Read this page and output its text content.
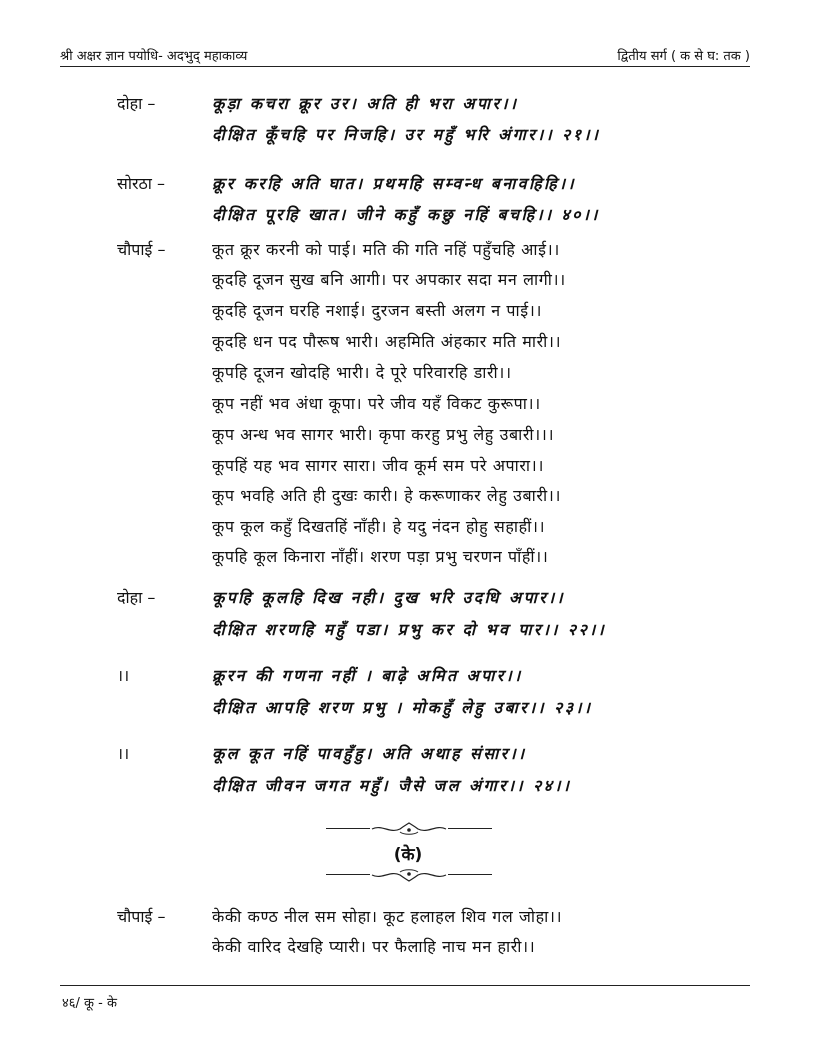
श्री अक्षर ज्ञान पयोधि- अदभुद् महाकाव्य	द्वितीय सर्ग ( क से घ: तक )
दोहा –	कूड़ा कचरा क्रूर उर। अति ही भरा अपार।।
दीक्षित कूँचहि पर निजहि। उर महुँ भरि अंगार।। २१।।
सोरठा –	क्रूर करहि अति घात। प्रथमहि सम्वन्ध बनावहिहि।।
दीक्षित पूरहि खात। जीने कहुँ कछु नहिं बचहि।। ४०।।
चौपाई –	कूत क्रूर करनी को पाई। मति की गति नहिं पहुँचहि आई।।
कूदहि दूजन सुख बनि आगी। पर अपकार सदा मन लागी।।
कूदहि दूजन घरहि नशाई। दुरजन बस्ती अलग न पाई।।
कूदहि धन पद पौरूष भारी। अहमिति अंहकार मति मारी।।
कूपहि दूजन खोदहि भारी। दे पूरे परिवारहि डारी।।
कूप नहीं भव अंधा कूपा। परे जीव यहँ विकट कुरूपा।।
कूप अन्ध भव सागर भारी। कृपा करहु प्रभु लेहु उबारी।।।
कूपहिं यह भव सागर सारा। जीव कूर्म सम परे अपारा।।
कूप भवहि अति ही दुखः कारी। हे करूणाकर लेहु उबारी।।
कूप कूल कहुँ दिखतहिं नाँही। हे यदु नंदन होहु सहाहीं।।
कूपहि कूल किनारा नाँहीं। शरण पड़ा प्रभु चरणन पाँहीं।।
दोहा –	कूपहि कूलहि दिख नही। दुख भरि उदधि अपार।।
दीक्षित शरणहि महुँ पडा। प्रभु कर दो भव पार।। २२।।
।।	क्रूरन की गणना नहीं । बाढ़े अमित अपार।।
दीक्षित आपहि शरण प्रभु । मोकहुँ लेहु उबार।। २३।।
।।	कूल कूत नहिं पावहुँहु। अति अथाह संसार।।
दीक्षित जीवन जगत महुँ। जैसे जल अंगार।। २४।।
(के)
चौपाई –	केकी कण्ठ नील सम सोहा। कूट हलाहल शिव गल जोहा।।
केकी वारिद देखहि प्यारी। पर फैलाहि नाच मन हारी।।
४६/ कू - के
